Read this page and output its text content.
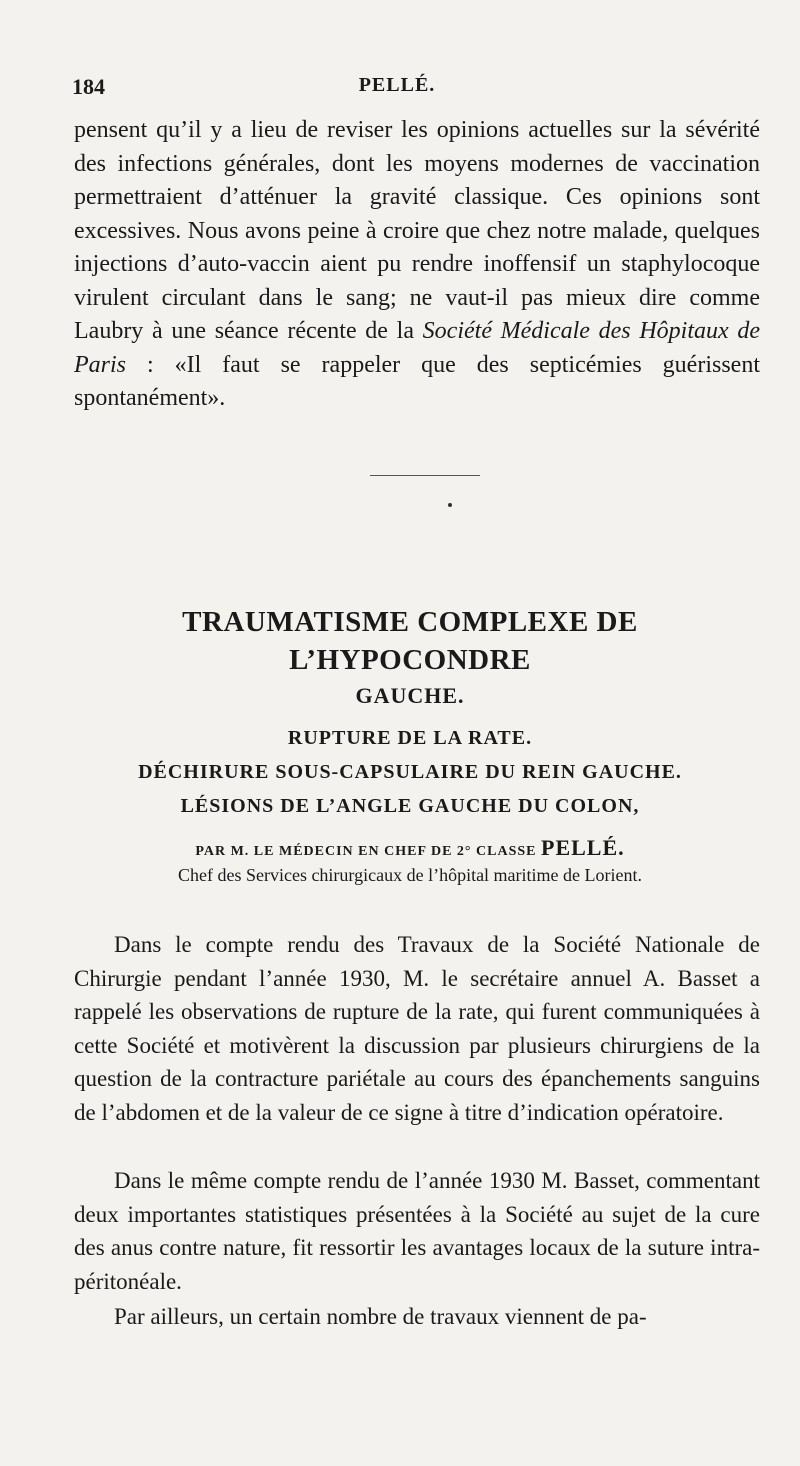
184	PELLÉ.

pensent qu’il y a lieu de reviser les opinions actuelles sur la sévérité des infections générales, dont les moyens modernes de vaccination permettraient d’atténuer la gravité classique. Ces opinions sont excessives. Nous avons peine à croire que chez notre malade, quelques injections d’auto-vaccin aient pu rendre inoffensif un staphylocoque virulent circulant dans le sang; ne vaut-il pas mieux dire comme Laubry à une séance récente de la Société Médicale des Hôpitaux de Paris : «Il faut se rappeler que des septicémies guérissent spontanément».

TRAUMATISME COMPLEXE DE L’HYPOCONDRE

GAUCHE.

RUPTURE DE LA RATE.

DÉCHIRURE SOUS-CAPSULAIRE DU REIN GAUCHE.

LÉSIONS DE L’ANGLE GAUCHE DU COLON,

PAR M. LE MÉDECIN EN CHEF DE 2° CLASSE PELLÉ.

Chef des Services chirurgicaux de l’hôpital maritime de Lorient.

Dans le compte rendu des Travaux de la Société Nationale de Chirurgie pendant l’année 1930, M. le secrétaire annuel A. Basset a rappelé les observations de rupture de la rate, qui furent communiquées à cette Société et motivèrent la discussion par plusieurs chirurgiens de la question de la contracture pariétale au cours des épanchements sanguins de l’abdomen et de la valeur de ce signe à titre d’indication opératoire.

Dans le même compte rendu de l’année 1930 M. Basset, commentant deux importantes statistiques présentées à la Société au sujet de la cure des anus contre nature, fit ressortir les avantages locaux de la suture intra-péritonéale.

Par ailleurs, un certain nombre de travaux viennent de pa-
